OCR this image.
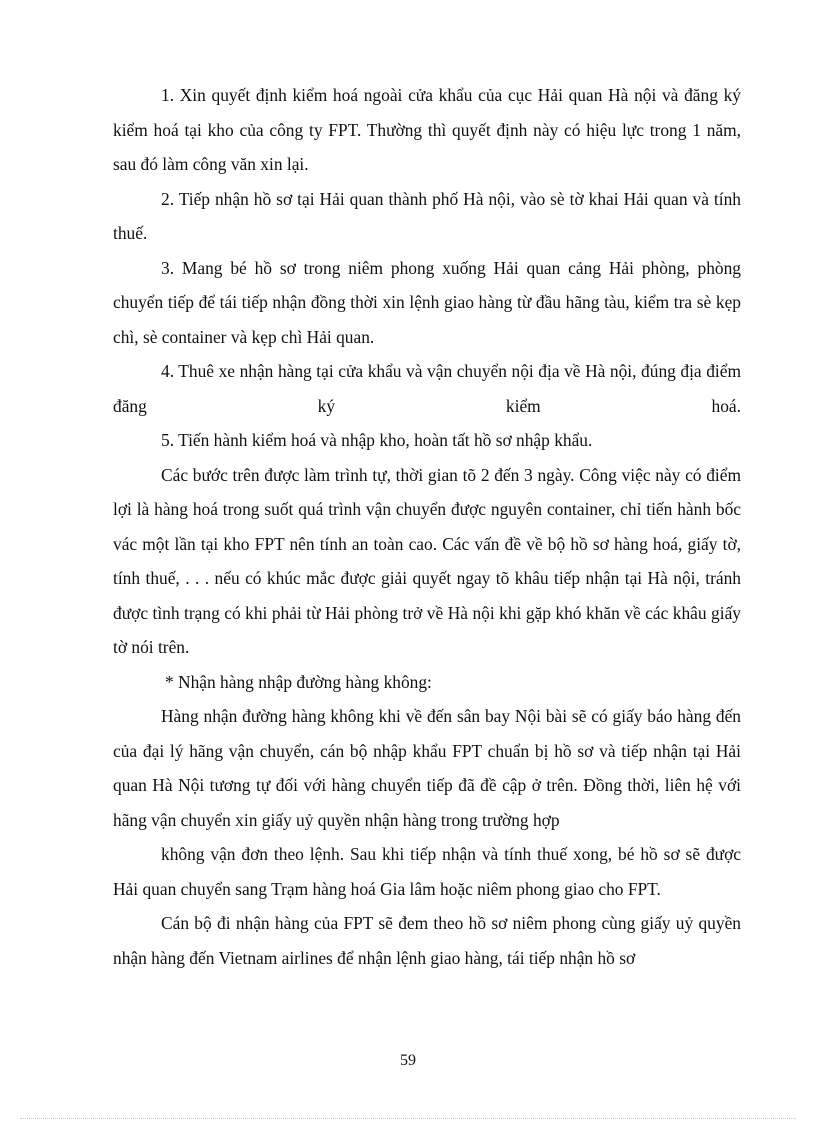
1. Xin quyết định kiểm hoá ngoài cửa khẩu của cục Hải quan Hà nội và đăng ký kiểm hoá tại kho của công ty FPT. Thường thì quyết định này có hiệu lực trong 1 năm, sau đó làm công văn xin lại.

2. Tiếp nhận hồ sơ tại Hải quan thành phố Hà nội, vào sè tờ khai Hải quan và tính thuế.

3. Mang bé hồ sơ trong niêm phong xuống Hải quan cảng Hải phòng, phòng chuyển tiếp để tái tiếp nhận đồng thời xin lệnh giao hàng từ đầu hãng tàu, kiểm tra sè kẹp chì, sè container và kẹp chì Hải quan.

4. Thuê xe nhận hàng tại cửa khẩu và vận chuyển nội địa về Hà nội, đúng địa điểm đăng ký kiểm hoá.

5. Tiến hành kiểm hoá và nhập kho, hoàn tất hồ sơ nhập khẩu.

Các bước trên được làm trình tự, thời gian tõ 2 đến 3 ngày. Công việc này có điểm lợi là hàng hoá trong suốt quá trình vận chuyển được nguyên container, chỉ tiến hành bốc vác một lần tại kho FPT nên tính an toàn cao. Các vấn đề về bộ hồ sơ hàng hoá, giấy tờ, tính thuế, . . . nếu có khúc mắc được giải quyết ngay tõ khâu tiếp nhận tại Hà nội, tránh được tình trạng có khi phải từ Hải phòng trở về Hà nội khi gặp khó khăn về các khâu giấy tờ nói trên.

* Nhận hàng nhập đường hàng không:

Hàng nhận đường hàng không khi về đến sân bay Nội bài sẽ có giấy báo hàng đến của đại lý hãng vận chuyển, cán bộ nhập khẩu FPT chuẩn bị hồ sơ và tiếp nhận tại Hải quan Hà Nội tương tự đối với hàng chuyển tiếp đã đề cập ở trên. Đồng thời, liên hệ với hãng vận chuyển xin giấy uỷ quyền nhận hàng trong trường hợp

không vận đơn theo lệnh. Sau khi tiếp nhận và tính thuế xong, bé hồ sơ sẽ được Hải quan chuyển sang Trạm hàng hoá Gia lâm hoặc niêm phong giao cho FPT.

Cán bộ đi nhận hàng của FPT sẽ đem theo hồ sơ niêm phong cùng giấy uỷ quyền nhận hàng đến Vietnam airlines để nhận lệnh giao hàng, tái tiếp nhận hồ sơ

59
